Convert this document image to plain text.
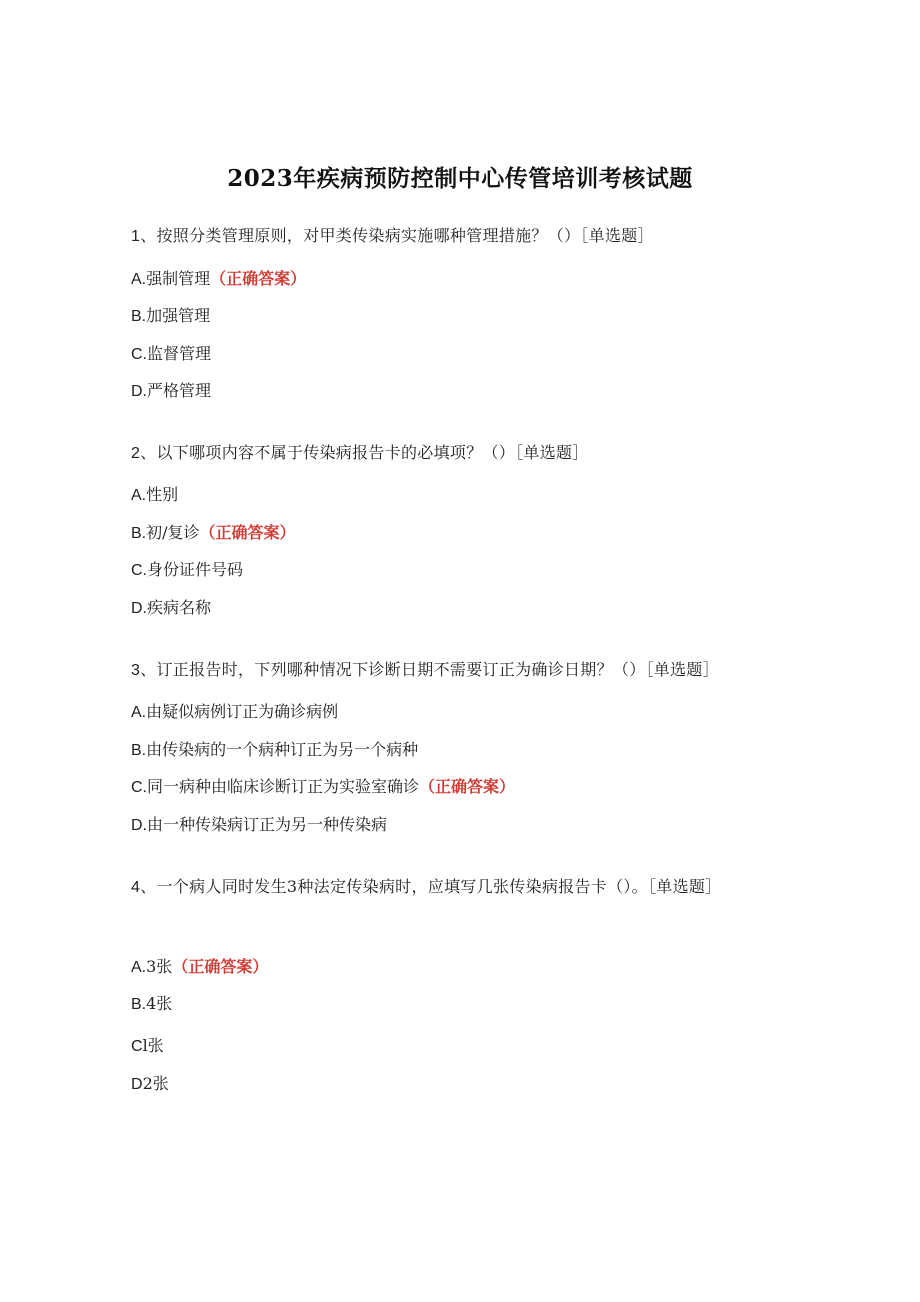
2023年疾病预防控制中心传管培训考核试题
1、按照分类管理原则，对甲类传染病实施哪种管理措施？（）［单选题］
A.强制管理（正确答案）
B.加强管理
C.监督管理
D.严格管理
2、以下哪项内容不属于传染病报告卡的必填项？（）［单选题］
A.性别
B.初/复诊（正确答案）
C.身份证件号码
D.疾病名称
3、订正报告时，下列哪种情况下诊断日期不需要订正为确诊日期？（）［单选题］
A.由疑似病例订正为确诊病例
B.由传染病的一个病种订正为另一个病种
C.同一病种由临床诊断订正为实验室确诊（正确答案）
D.由一种传染病订正为另一种传染病
4、一个病人同时发生3种法定传染病时，应填写几张传染病报告卡（）。［单选题］
A.3张（正确答案）
B.4张
Cl张
D2张
